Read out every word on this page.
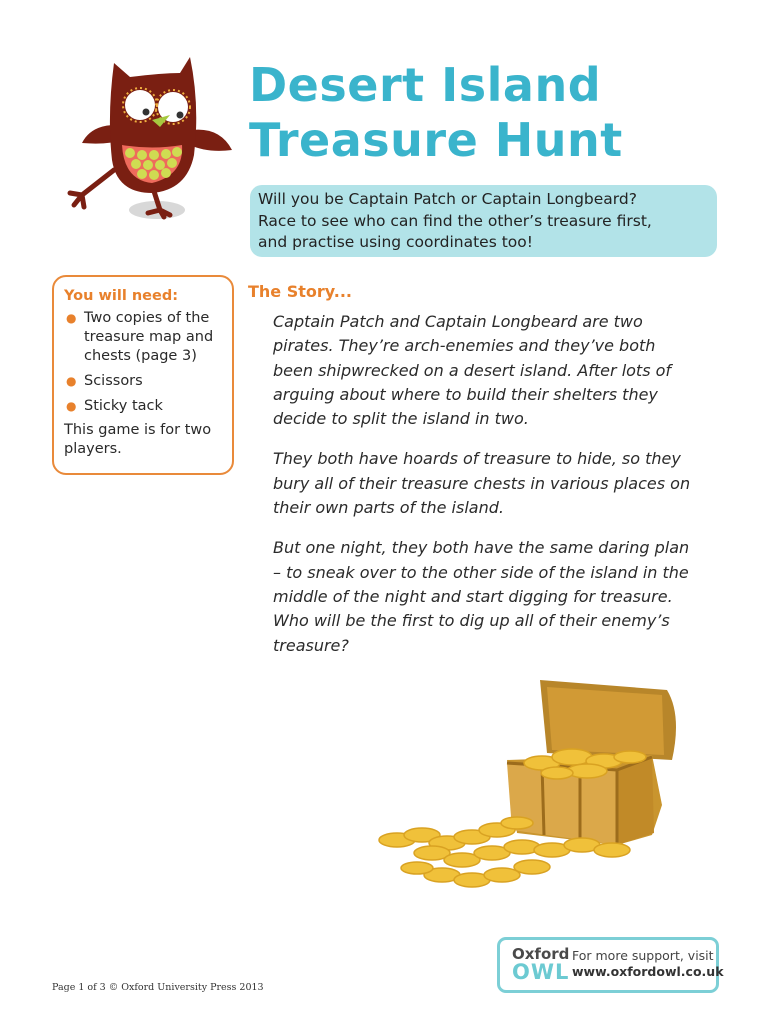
Desert Island
Treasure Hunt
Will you be Captain Patch or Captain Longbeard?
Race to see who can find the other’s treasure first,
and practise using coordinates too!
You will need:
● Two copies of the treasure map and chests (page 3)
● Scissors
● Sticky tack
This game is for two players.
The Story...

Captain Patch and Captain Longbeard are two pirates. They’re arch-enemies and they’ve both been shipwrecked on a desert island. After lots of arguing about where to build their shelters they decide to split the island in two.

They both have hoards of treasure to hide, so they bury all of their treasure chests in various places on their own parts of the island.

But one night, they both have the same daring plan – to sneak over to the other side of the island in the middle of the night and start digging for treasure. Who will be the first to dig up all of their enemy’s treasure?

Page 1 of 3 © Oxford University Press 2013
Oxford
OWL
For more support, visit
www.oxfordowl.co.uk
